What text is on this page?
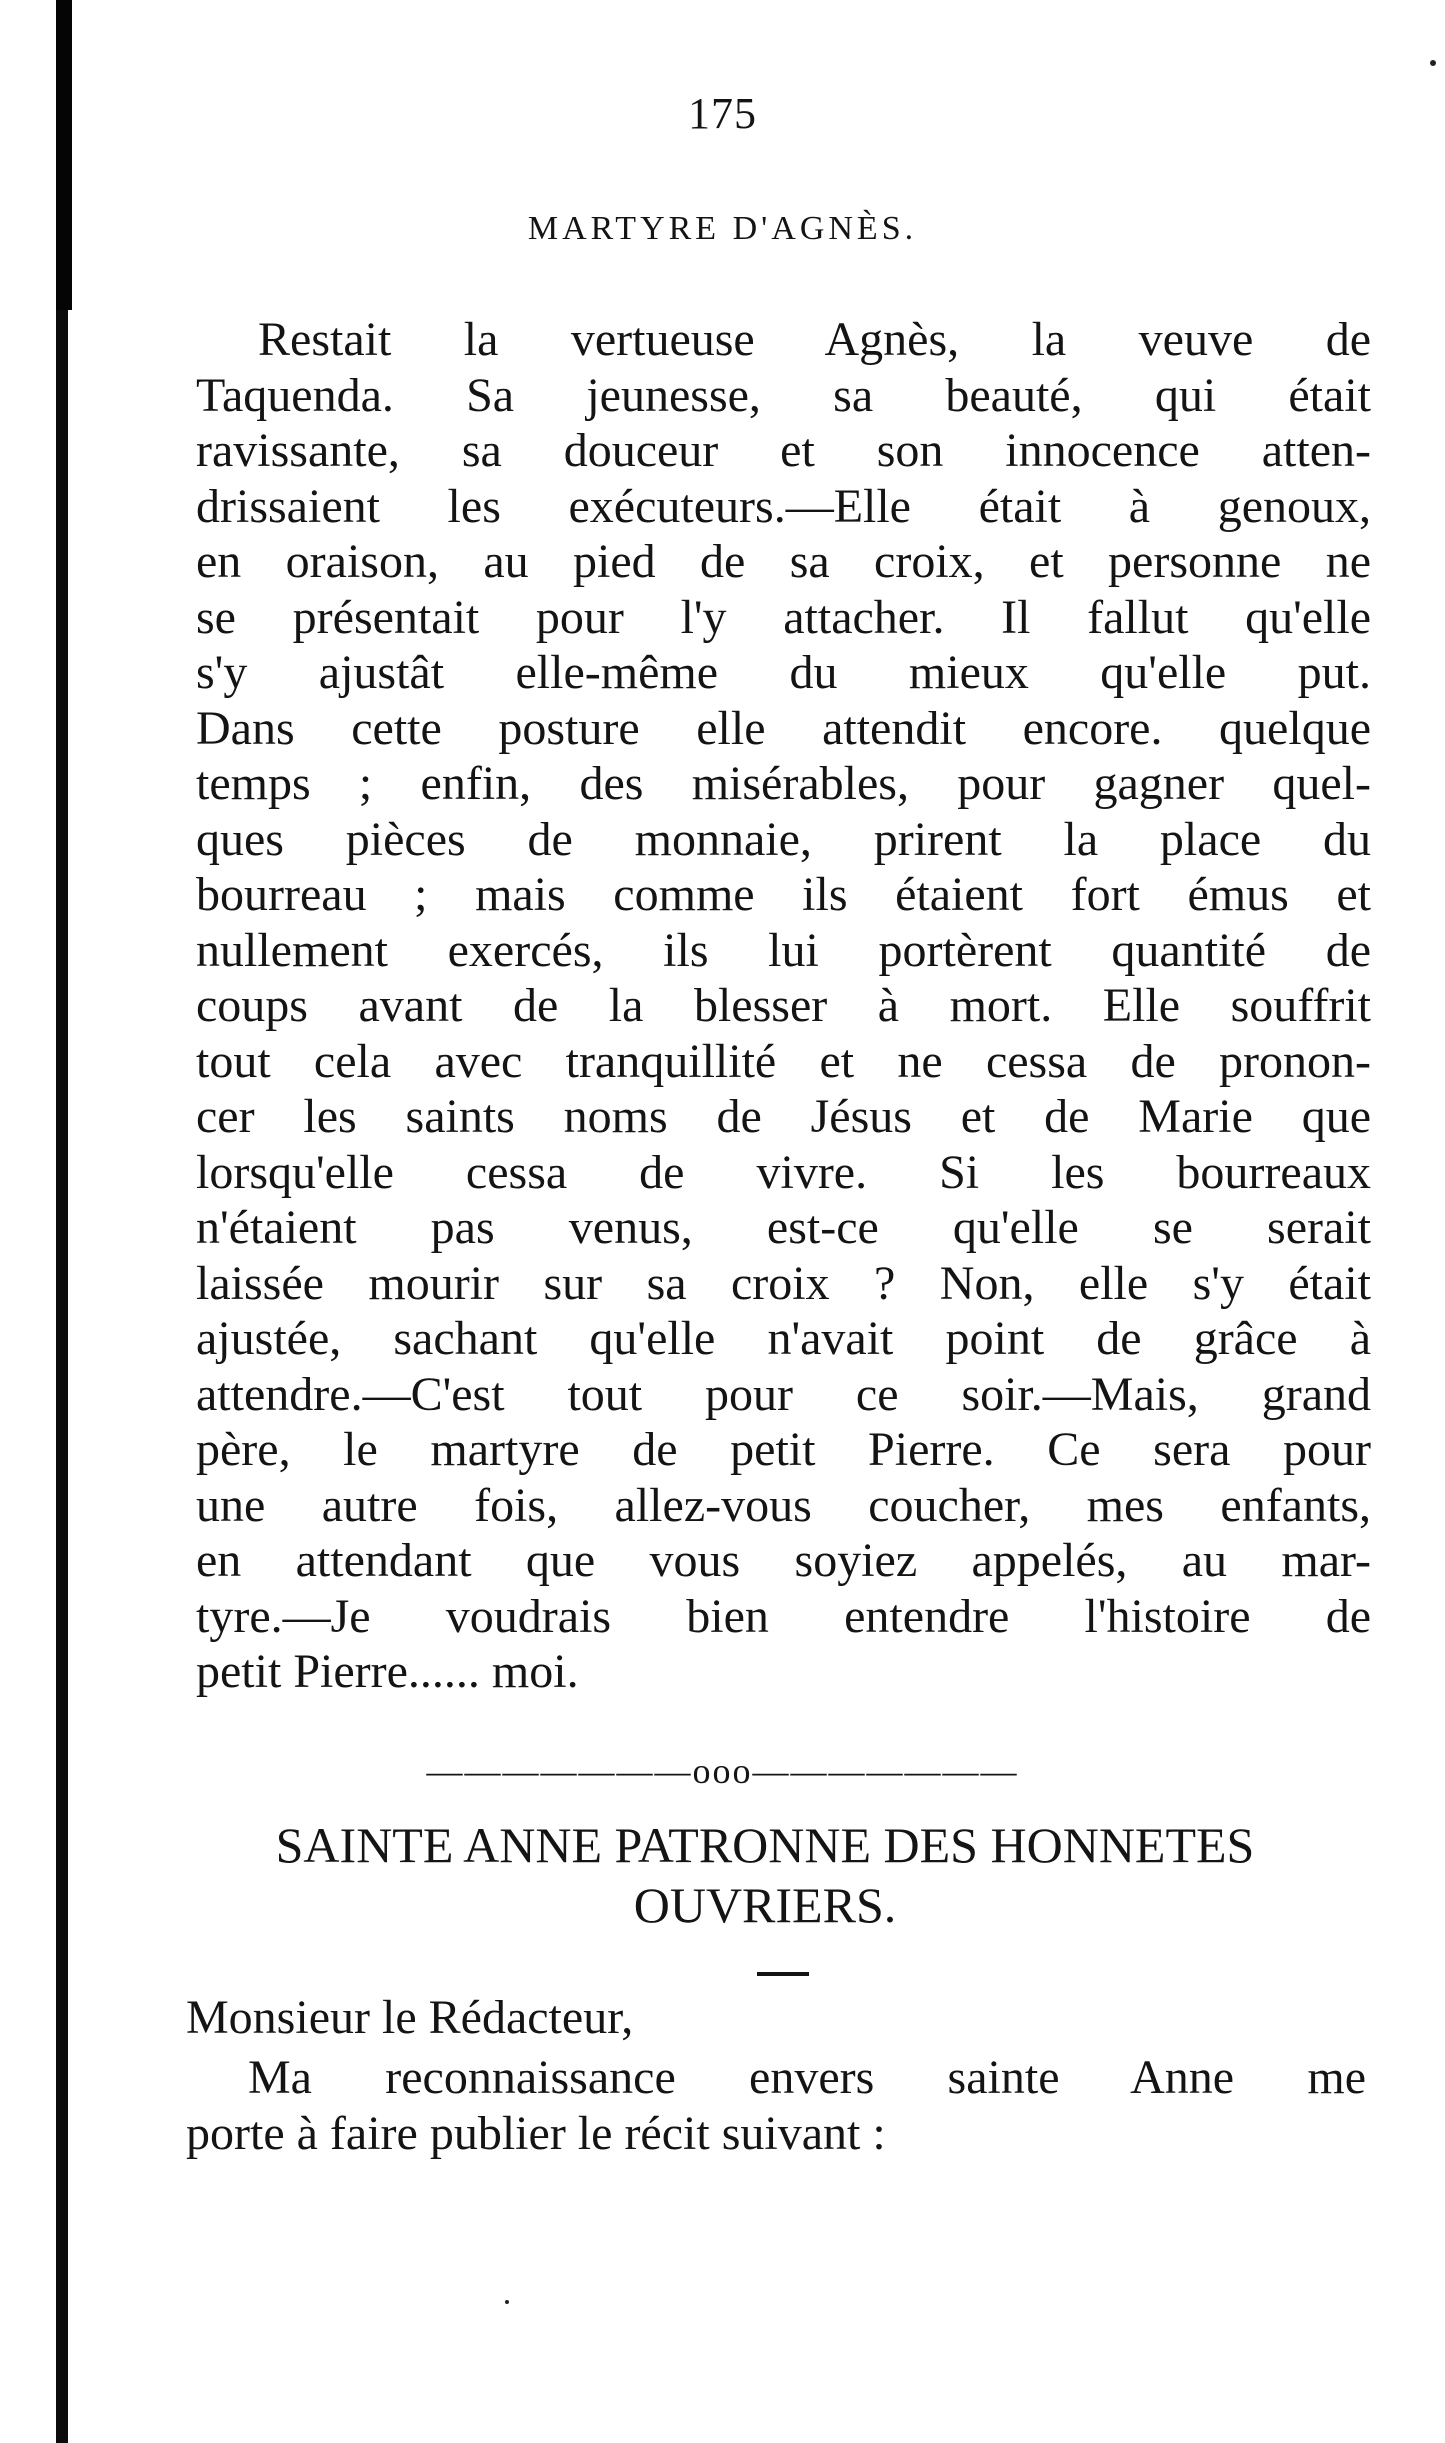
175
MARTYRE D'AGNÈS.
Restait la vertueuse Agnès, la veuve de
Taquenda. Sa jeunesse, sa beauté, qui était
ravissante, sa douceur et son innocence atten-
drissaient les exécuteurs.—Elle était à genoux,
en oraison, au pied de sa croix, et personne ne
se présentait pour l'y attacher. Il fallut qu'elle
s'y ajustât elle-même du mieux qu'elle put.
Dans cette posture elle attendit encore. quelque
temps ; enfin, des misérables, pour gagner quel-
ques pièces de monnaie, prirent la place du
bourreau ; mais comme ils étaient fort émus et
nullement exercés, ils lui portèrent quantité de
coups avant de la blesser à mort. Elle souffrit
tout cela avec tranquillité et ne cessa de pronon-
cer les saints noms de Jésus et de Marie que
lorsqu'elle cessa de vivre. Si les bourreaux
n'étaient pas venus, est-ce qu'elle se serait
laissée mourir sur sa croix ? Non, elle s'y était
ajustée, sachant qu'elle n'avait point de grâce à
attendre.—C'est tout pour ce soir.—Mais, grand
père, le martyre de petit Pierre. Ce sera pour
une autre fois, allez-vous coucher, mes enfants,
en attendant que vous soyiez appelés, au mar-
tyre.—Je voudrais bien entendre l'histoire de
petit Pierre...... moi.
———————ooo———————
SAINTE ANNE PATRONNE DES HONNETES
OUVRIERS.
Monsieur le Rédacteur,
Ma reconnaissance envers sainte Anne me
porte à faire publier le récit suivant :
